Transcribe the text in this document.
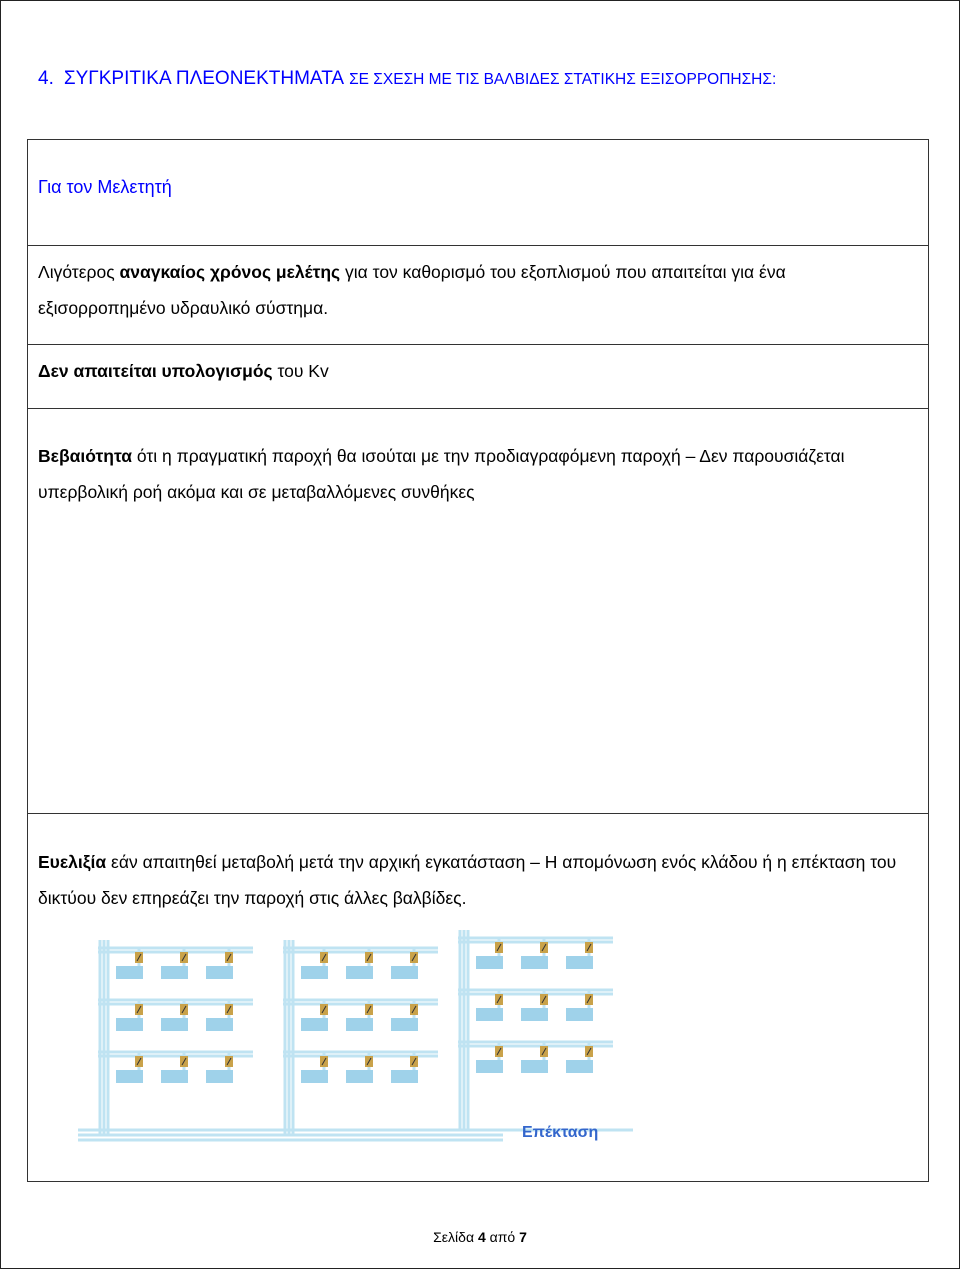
4. ΣΥΓΚΡΙΤΙΚΑ ΠΛΕΟΝΕΚΤΗΜΑΤΑ ΣΕ ΣΧΕΣΗ ΜΕ ΤΙΣ ΒΑΛΒΙΔΕΣ ΣΤΑΤΙΚΗΣ ΕΞΙΣΟΡΡΟΠΗΣΗΣ:
Για τον Μελετητή
Λιγότερος αναγκαίος χρόνος μελέτης για τον καθορισμό του εξοπλισμού που απαιτείται για ένα εξισορροπημένο υδραυλικό σύστημα.
Δεν απαιτείται υπολογισμός του Kv
Βεβαιότητα ότι η πραγματική παροχή θα ισούται με την προδιαγραφόμενη παροχή – Δεν παρουσιάζεται υπερβολική ροή ακόμα και σε μεταβαλλόμενες συνθήκες
Ευελιξία εάν απαιτηθεί μεταβολή μετά την αρχική εγκατάσταση – Η απομόνωση ενός κλάδου ή η επέκταση του δικτύου δεν επηρεάζει την παροχή στις άλλες βαλβίδες.
Επέκταση
Σελίδα 4 από 7
